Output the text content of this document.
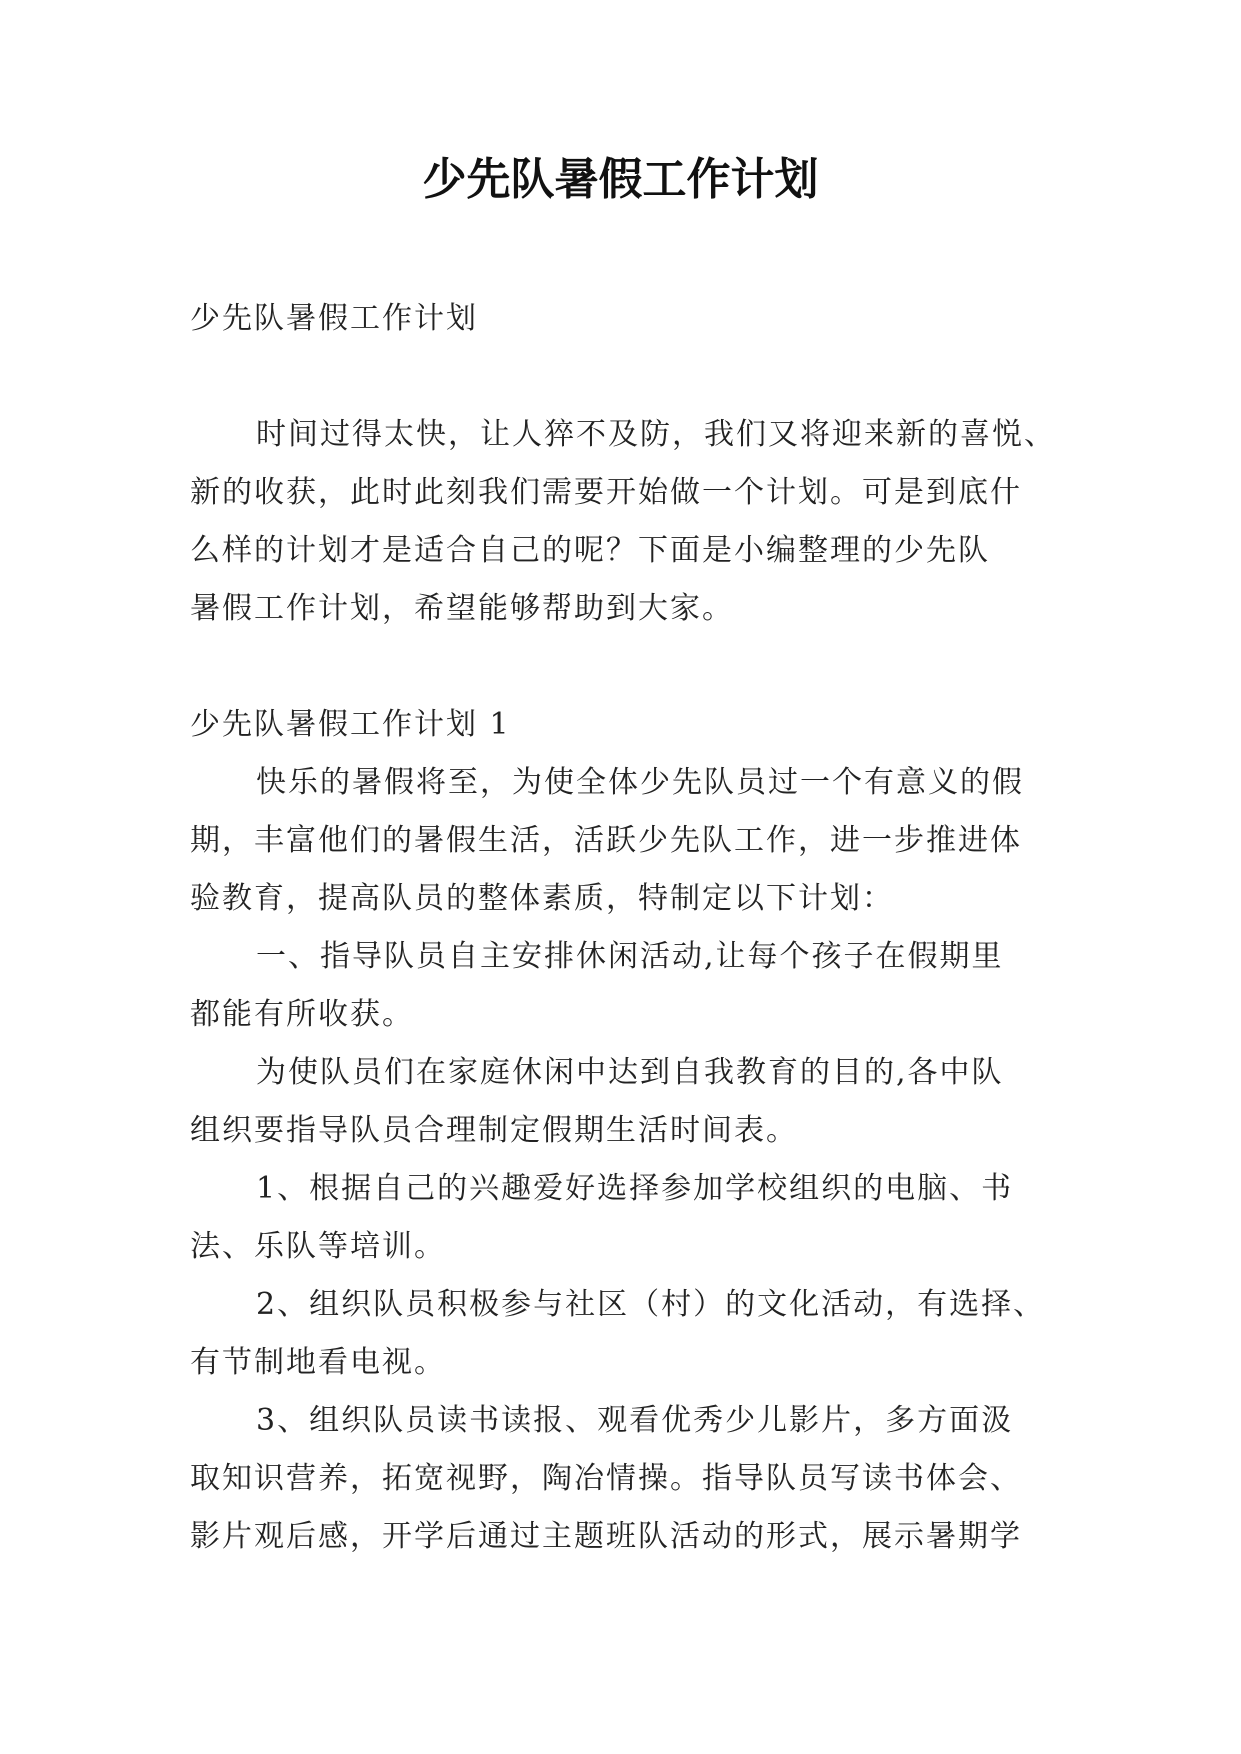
少先队暑假工作计划

少先队暑假工作计划

时间过得太快，让人猝不及防，我们又将迎来新的喜悦、

新的收获，此时此刻我们需要开始做一个计划。可是到底什

么样的计划才是适合自己的呢？下面是小编整理的少先队

暑假工作计划，希望能够帮助到大家。

少先队暑假工作计划 1

快乐的暑假将至，为使全体少先队员过一个有意义的假

期，丰富他们的暑假生活，活跃少先队工作，进一步推进体

验教育，提高队员的整体素质，特制定以下计划：

一、指导队员自主安排休闲活动,让每个孩子在假期里

都能有所收获。

为使队员们在家庭休闲中达到自我教育的目的,各中队

组织要指导队员合理制定假期生活时间表。

1、根据自己的兴趣爱好选择参加学校组织的电脑、书

法、乐队等培训。

2、组织队员积极参与社区（村）的文化活动，有选择、

有节制地看电视。

3、组织队员读书读报、观看优秀少儿影片，多方面汲

取知识营养，拓宽视野，陶冶情操。指导队员写读书体会、

影片观后感，开学后通过主题班队活动的形式，展示暑期学
